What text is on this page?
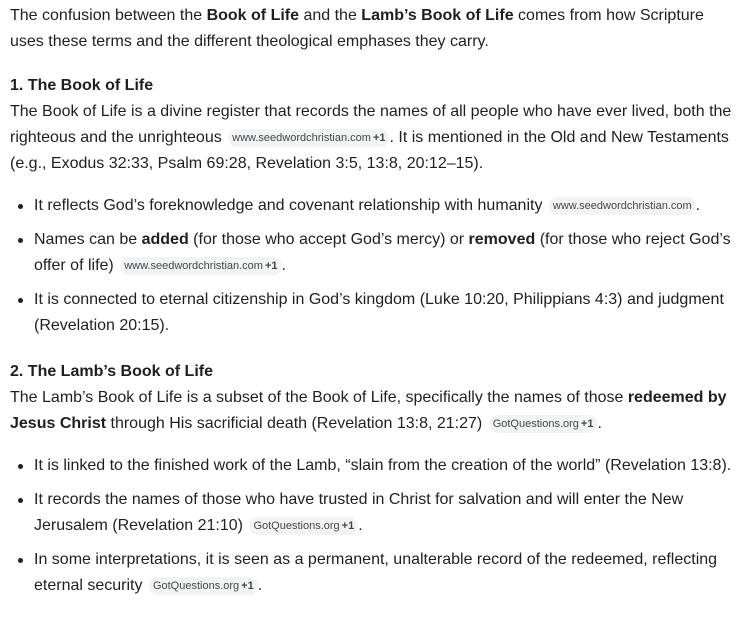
The confusion between the Book of Life and the Lamb’s Book of Life comes from how Scripture uses these terms and the different theological emphases they carry.

1. The Book of Life

The Book of Life is a divine register that records the names of all people who have ever lived, both the righteous and the unrighteous www.seedwordchristian.com +1 . It is mentioned in the Old and New Testaments (e.g., Exodus 32:33, Psalm 69:28, Revelation 3:5, 13:8, 20:12–15).

It reflects God’s foreknowledge and covenant relationship with humanity www.seedwordchristian.com .
Names can be added (for those who accept God’s mercy) or removed (for those who reject God’s offer of life) www.seedwordchristian.com +1 .
It is connected to eternal citizenship in God’s kingdom (Luke 10:20, Philippians 4:3) and judgment (Revelation 20:15).

2. The Lamb’s Book of Life

The Lamb’s Book of Life is a subset of the Book of Life, specifically the names of those redeemed by Jesus Christ through His sacrificial death (Revelation 13:8, 21:27) GotQuestions.org +1 .

It is linked to the finished work of the Lamb, “slain from the creation of the world” (Revelation 13:8).
It records the names of those who have trusted in Christ for salvation and will enter the New Jerusalem (Revelation 21:10) GotQuestions.org +1 .
In some interpretations, it is seen as a permanent, unalterable record of the redeemed, reflecting eternal security GotQuestions.org +1 .
